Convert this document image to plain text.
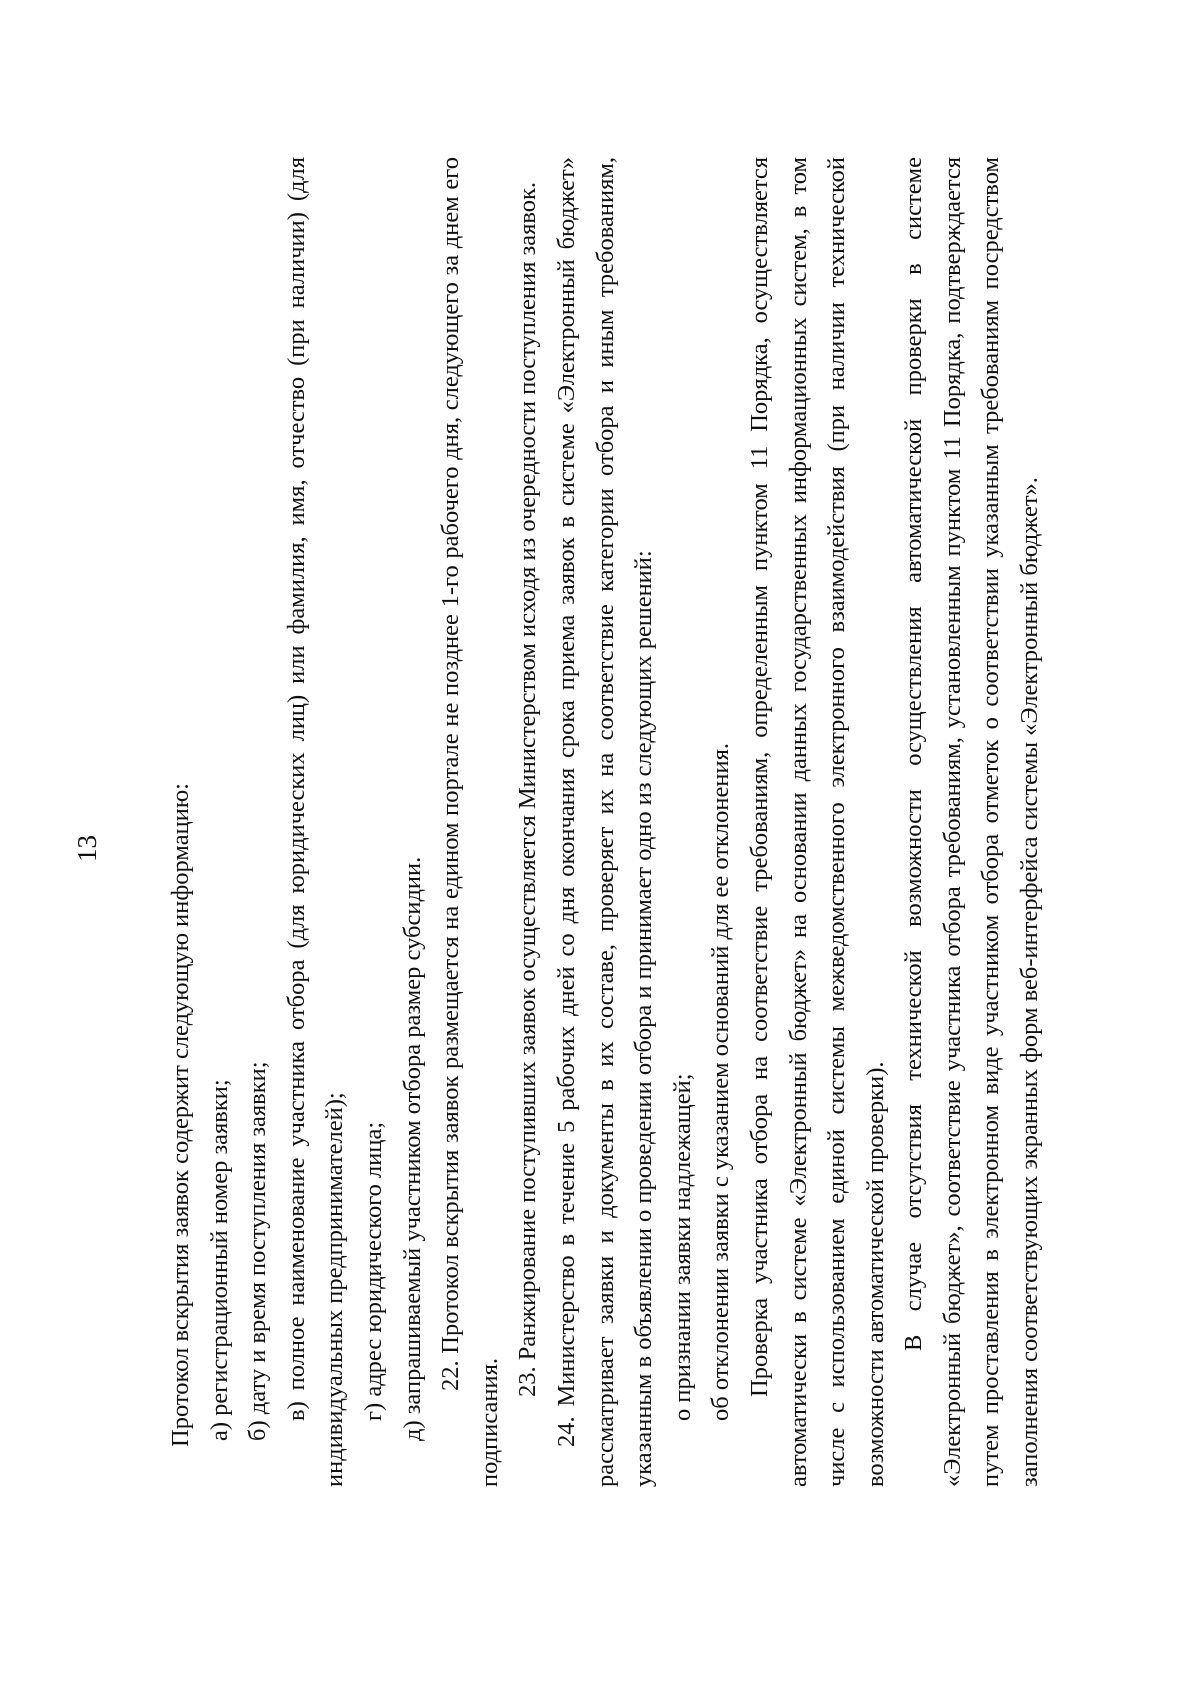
13	Протокол вскрытия заявок содержит следующую информацию: а) регистрационный номер заявки; б) дату и время поступления заявки; в) полное наименование участника отбора (для юридических лиц) или фамилия, имя, отчество (при наличии) (для индивидуальных предпринимателей); г) адрес юридического лица; д) запрашиваемый участником отбора размер субсидии. 22. Протокол вскрытия заявок размещается на едином портале не позднее 1-го рабочего дня, следующего за днем его подписания.

23. Ранжирование поступивших заявок осуществляется Министерством исходя из очередности поступления заявок. 24. Министерство в течение 5 рабочих дней со дня окончания срока приема заявок в системе «Электронный бюджет» рассматривает заявки и документы в их составе, проверяет их на соответствие категории отбора и иным требованиям, указанным в объявлении о проведении отбора и принимает одно из следующих решений: о признании заявки надлежащей; об отклонении заявки с указанием оснований для ее отклонения. Проверка участника отбора на соответствие требованиям, определенным пунктом 11 Порядка, осуществляется автоматически в системе «Электронный бюджет» на основании данных государственных информационных систем, в том числе с использованием единой системы межведомственного электронного взаимодействия (при наличии технической возможности автоматической проверки). В случае отсутствия технической возможности осуществления автоматической проверки в системе «Электронный бюджет», соответствие участника отбора требованиям, установленным пунктом 11 Порядка, подтверждается путем проставления в электронном виде участником отбора отметок о соответствии указанным требованиям посредством заполнения соответствующих экранных форм веб-интерфейса системы «Электронный бюджет».
